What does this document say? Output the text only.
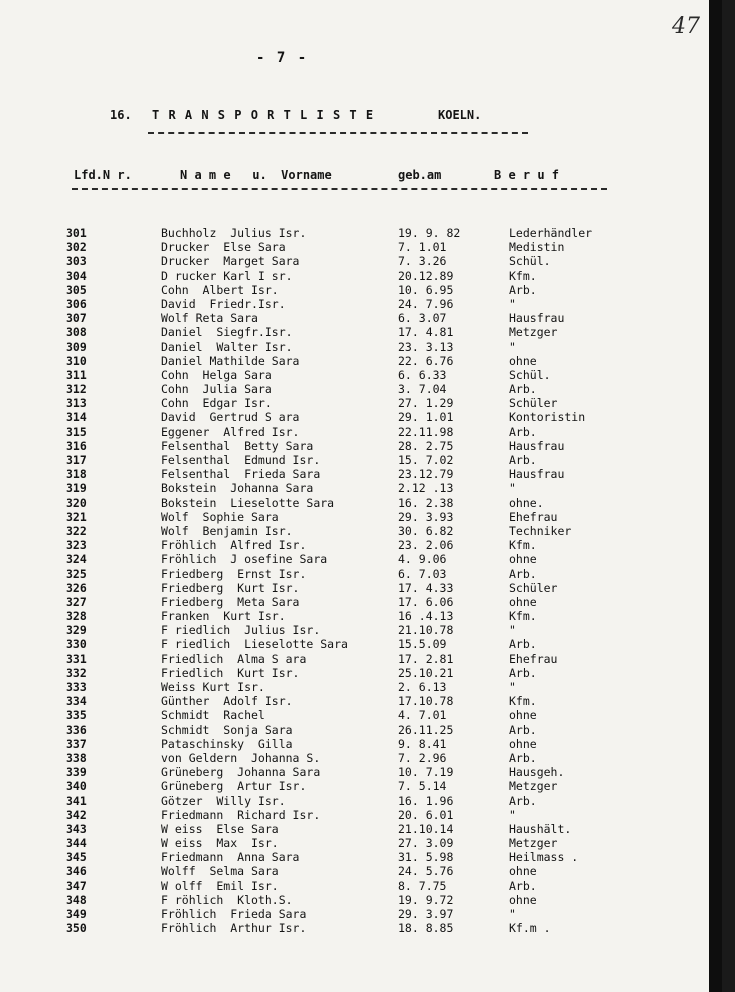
47
- 7 -
16. T R A N S P O R T L I S T E	KOELN.
Lfd.N r.	N a m e   u.  Vorname	geb.am	B e r u f
301	Buchholz  Julius Isr.	19. 9. 82	Lederhändler
302	Drucker  Else Sara	7. 1.01	Medistin
303	Drucker  Marget Sara	7. 3.26	Schül.
304	D rucker Karl I sr.	20.12.89	Kfm.
305	Cohn  Albert Isr.	10. 6.95	Arb.
306	David  Friedr.Isr.	24. 7.96	"
307	Wolf Reta Sara	6. 3.07	Hausfrau
308	Daniel  Siegfr.Isr.	17. 4.81	Metzger
309	Daniel  Walter Isr.	23. 3.13	"
310	Daniel Mathilde Sara	22. 6.76	ohne
311	Cohn  Helga Sara	6. 6.33	Schül.
312	Cohn  Julia Sara	3. 7.04	Arb.
313	Cohn  Edgar Isr.	27. 1.29	Schüler
314	David  Gertrud S ara	29. 1.01	Kontoristin
315	Eggener  Alfred Isr.	22.11.98	Arb.
316	Felsenthal  Betty Sara	28. 2.75	Hausfrau
317	Felsenthal  Edmund Isr.	15. 7.02	Arb.
318	Felsenthal  Frieda Sara	23.12.79	Hausfrau
319	Bokstein  Johanna Sara	2.12 .13	"
320	Bokstein  Lieselotte Sara	16. 2.38	ohne.
321	Wolf  Sophie Sara	29. 3.93	Ehefrau
322	Wolf  Benjamin Isr.	30. 6.82	Techniker
323	Fröhlich  Alfred Isr.	23. 2.06	Kfm.
324	Fröhlich  J osefine Sara	4. 9.06	ohne
325	Friedberg  Ernst Isr.	6. 7.03	Arb.
326	Friedberg  Kurt Isr.	17. 4.33	Schüler
327	Friedberg  Meta Sara	17. 6.06	ohne
328	Franken  Kurt Isr.	16 .4.13	Kfm.
329	F riedlich  Julius Isr.	21.10.78	"
330	F riedlich  Lieselotte Sara	15.5.09	Arb.
331	Friedlich  Alma S ara	17. 2.81	Ehefrau
332	Friedlich  Kurt Isr.	25.10.21	Arb.
333	Weiss Kurt Isr.	2. 6.13	"
334	Günther  Adolf Isr.	17.10.78	Kfm.
335	Schmidt  Rachel	4. 7.01	ohne
336	Schmidt  Sonja Sara	26.11.25	Arb.
337	Pataschinsky  Gilla	9. 8.41	ohne
338	von Geldern  Johanna S.	7. 2.96	Arb.
339	Grüneberg  Johanna Sara	10. 7.19	Hausgeh.
340	Grüneberg  Artur Isr.	7. 5.14	Metzger
341	Götzer  Willy Isr.	16. 1.96	Arb.
342	Friedmann  Richard Isr.	20. 6.01	"
343	W eiss  Else Sara	21.10.14	Haushält.
344	W eiss  Max  Isr.	27. 3.09	Metzger
345	Friedmann  Anna Sara	31. 5.98	Heilmass .
346	Wolff  Selma Sara	24. 5.76	ohne
347	W olff  Emil Isr.	8. 7.75	Arb.
348	F röhlich  Kloth.S.	19. 9.72	ohne
349	Fröhlich  Frieda Sara	29. 3.97	"
350	Fröhlich  Arthur Isr.	18. 8.85	Kf.m .
